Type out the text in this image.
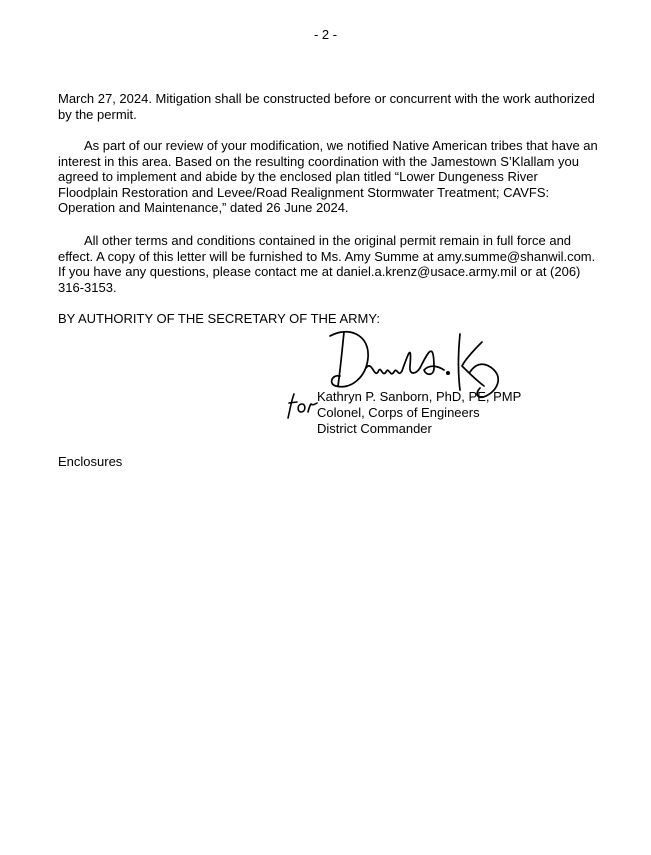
- 2 -

March 27, 2024. Mitigation shall be constructed before or concurrent with the work authorized by the permit.

As part of our review of your modification, we notified Native American tribes that have an interest in this area. Based on the resulting coordination with the Jamestown S’Klallam you agreed to implement and abide by the enclosed plan titled “Lower Dungeness River Floodplain Restoration and Levee/Road Realignment Stormwater Treatment; CAVFS: Operation and Maintenance,” dated 26 June 2024.

All other terms and conditions contained in the original permit remain in full force and effect. A copy of this letter will be furnished to Ms. Amy Summe at amy.summe@shanwil.com. If you have any questions, please contact me at daniel.a.krenz@usace.army.mil or at (206) 316-3153.

BY AUTHORITY OF THE SECRETARY OF THE ARMY:
Kathryn P. Sanborn, PhD, PE, PMP
Colonel, Corps of Engineers
District Commander
Enclosures
